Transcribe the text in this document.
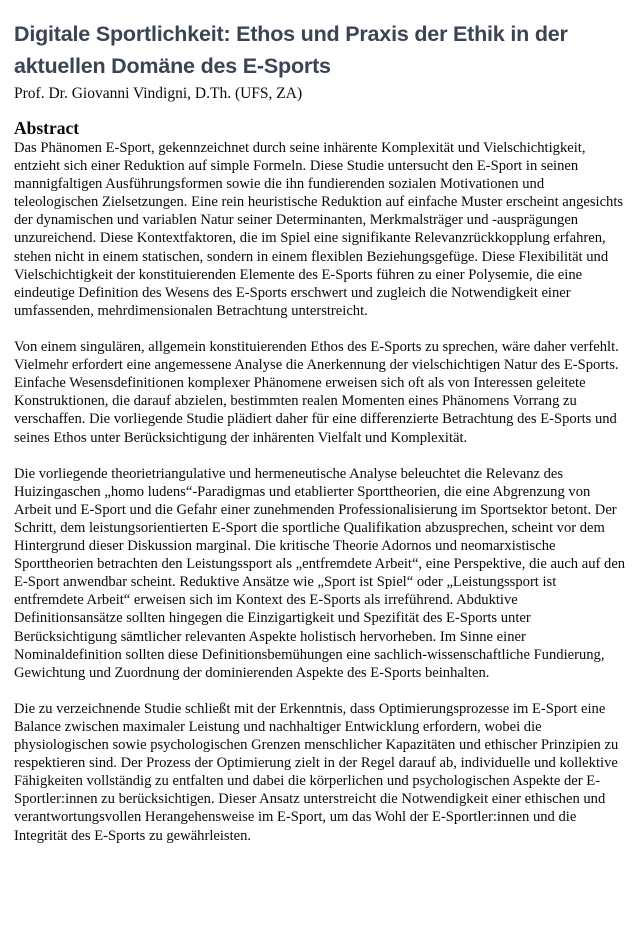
Digitale Sportlichkeit: Ethos und Praxis der Ethik in der aktuellen Domäne des E-Sports
Prof. Dr. Giovanni Vindigni, D.Th. (UFS, ZA)
Abstract

Das Phänomen E-Sport, gekennzeichnet durch seine inhärente Komplexität und Vielschichtigkeit, entzieht sich einer Reduktion auf simple Formeln. Diese Studie untersucht den E-Sport in seinen mannigfaltigen Ausführungsformen sowie die ihn fundierenden sozialen Motivationen und teleologischen Zielsetzungen. Eine rein heuristische Reduktion auf einfache Muster erscheint angesichts der dynamischen und variablen Natur seiner Determinanten, Merkmalsträger und -ausprägungen unzureichend. Diese Kontextfaktoren, die im Spiel eine signifikante Relevanzrückkopplung erfahren, stehen nicht in einem statischen, sondern in einem flexiblen Beziehungsgefüge. Diese Flexibilität und Vielschichtigkeit der konstituierenden Elemente des E-Sports führen zu einer Polysemie, die eine eindeutige Definition des Wesens des E-Sports erschwert und zugleich die Notwendigkeit einer umfassenden, mehrdimensionalen Betrachtung unterstreicht.

Von einem singulären, allgemein konstituierenden Ethos des E-Sports zu sprechen, wäre daher verfehlt. Vielmehr erfordert eine angemessene Analyse die Anerkennung der vielschichtigen Natur des E-Sports. Einfache Wesensdefinitionen komplexer Phänomene erweisen sich oft als von Interessen geleitete Konstruktionen, die darauf abzielen, bestimmten realen Momenten eines Phänomens Vorrang zu verschaffen. Die vorliegende Studie plädiert daher für eine differenzierte Betrachtung des E-Sports und seines Ethos unter Berücksichtigung der inhärenten Vielfalt und Komplexität.

Die vorliegende theorietriangulative und hermeneutische Analyse beleuchtet die Relevanz des Huizingaschen „homo ludens“-Paradigmas und etablierter Sporttheorien, die eine Abgrenzung von Arbeit und E-Sport und die Gefahr einer zunehmenden Professionalisierung im Sportsektor betont. Der Schritt, dem leistungsorientierten E-Sport die sportliche Qualifikation abzusprechen, scheint vor dem Hintergrund dieser Diskussion marginal. Die kritische Theorie Adornos und neomarxistische Sporttheorien betrachten den Leistungssport als „entfremdete Arbeit“, eine Perspektive, die auch auf den E-Sport anwendbar scheint. Reduktive Ansätze wie „Sport ist Spiel“ oder „Leistungssport ist entfremdete Arbeit“ erweisen sich im Kontext des E-Sports als irreführend. Abduktive Definitionsansätze sollten hingegen die Einzigartigkeit und Spezifität des E-Sports unter Berücksichtigung sämtlicher relevanten Aspekte holistisch hervorheben. Im Sinne einer Nominaldefinition sollten diese Definitionsbemühungen eine sachlich-wissenschaftliche Fundierung, Gewichtung und Zuordnung der dominierenden Aspekte des E-Sports beinhalten.

Die zu verzeichnende Studie schließt mit der Erkenntnis, dass Optimierungsprozesse im E-Sport eine Balance zwischen maximaler Leistung und nachhaltiger Entwicklung erfordern, wobei die physiologischen sowie psychologischen Grenzen menschlicher Kapazitäten und ethischer Prinzipien zu respektieren sind. Der Prozess der Optimierung zielt in der Regel darauf ab, individuelle und kollektive Fähigkeiten vollständig zu entfalten und dabei die körperlichen und psychologischen Aspekte der E-Sportler:innen zu berücksichtigen. Dieser Ansatz unterstreicht die Notwendigkeit einer ethischen und verantwortungsvollen Herangehensweise im E-Sport, um das Wohl der E-Sportler:innen und die Integrität des E-Sports zu gewährleisten.
